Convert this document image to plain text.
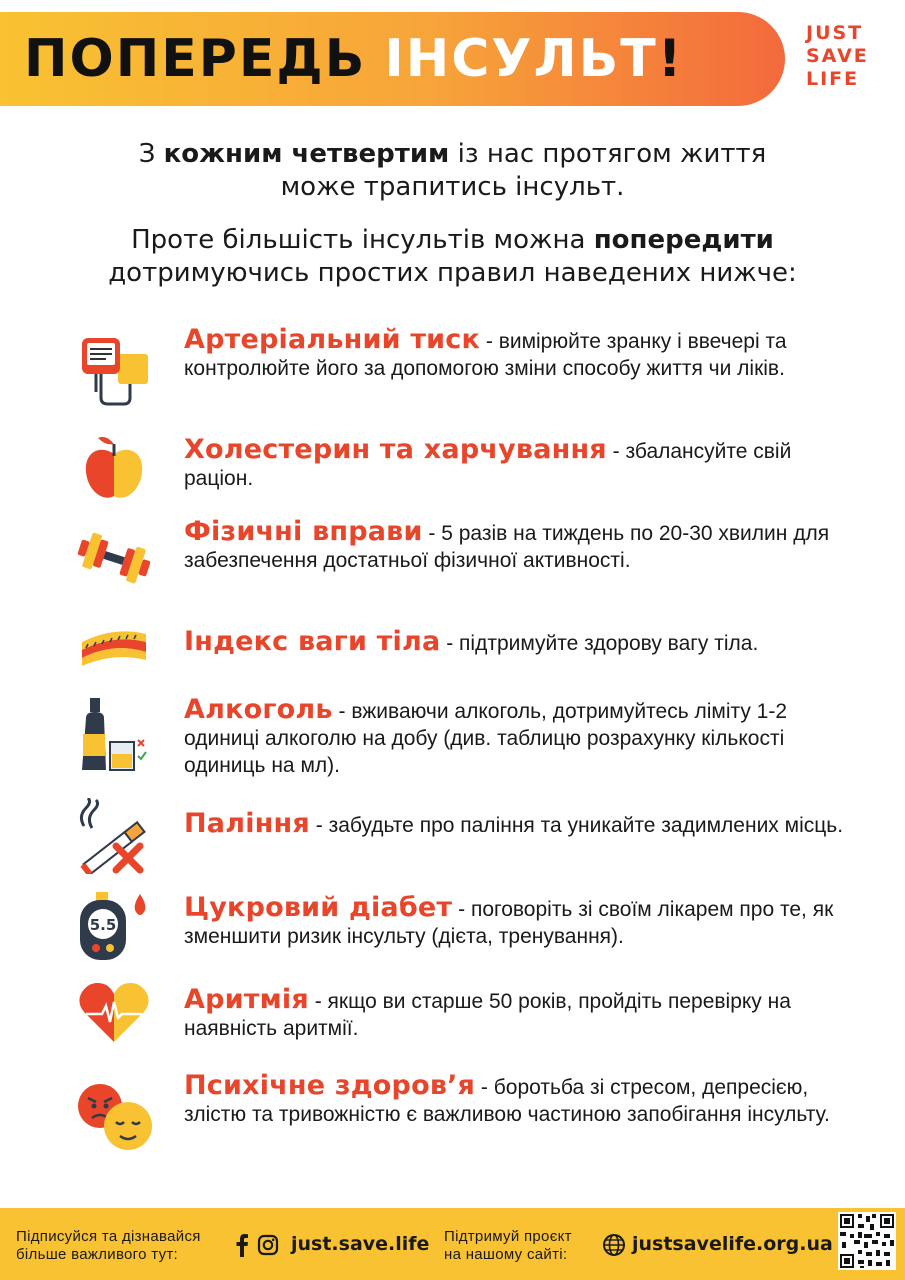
ПОПЕРЕДЬ ІНСУЛЬТ !	JUST
SAVE
LIFE
З кожним четвертим із нас протягом життя
може трапитись інсульт.
Проте більшість інсультів можна попередити
дотримуючись простих правил наведених нижче:
Артеріальний тиск - вимірюйте зранку і ввечері та контролюйте його за допомогою зміни способу життя чи ліків.
Холестерин та харчування - збалансуйте свій раціон.
Фізичні вправи - 5 разів на тиждень по 20-30 хвилин для забезпечення достатньої фізичної активності.
Індекс ваги тіла - підтримуйте здорову вагу тіла.
Алкоголь - вживаючи алкоголь, дотримуйтесь ліміту 1-2 одиниці алкоголю на добу (див. таблицю розрахунку кількості одиниць на мл).
Паління - забудьте про паління та уникайте задимлених місць.
5.5
Цукровий діабет - поговоріть зі своїм лікарем про те, як зменшити ризик інсульту (дієта, тренування).
Аритмія - якщо ви старше 50 років, пройдіть перевірку на наявність аритмії.
Психічне здоров’я - боротьба зі стресом, депресією, злістю та тривожністю є важливою частиною запобігання інсульту.
Підписуйся та дізнавайся
більше важливого тут:	just.save.life Підтримуй проєкт
на нашому сайті:	justsavelife.org.ua
